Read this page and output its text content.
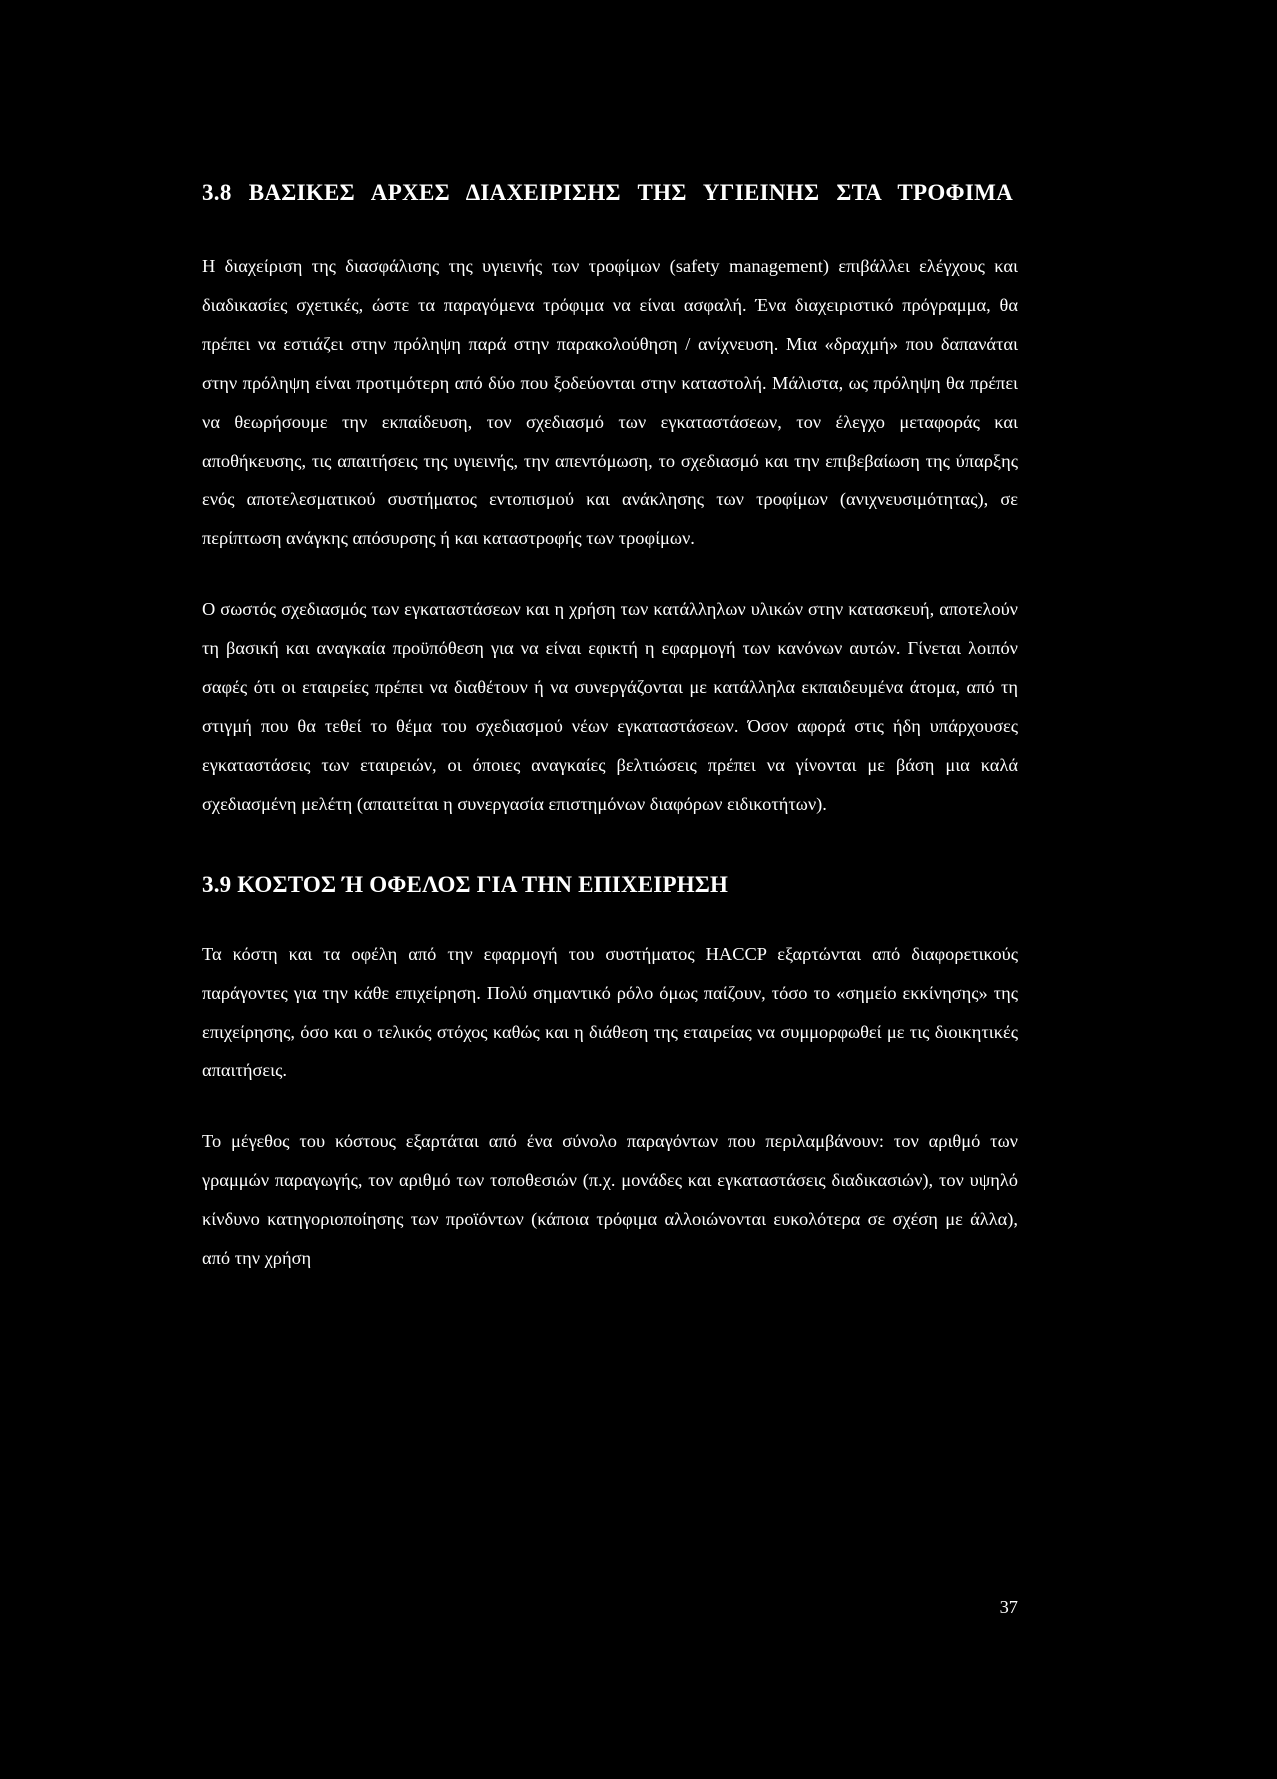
3.8 ΒΑΣΙΚΕΣ ΑΡΧΕΣ ΔΙΑΧΕΙΡΙΣΗΣ ΤΗΣ ΥΓΙΕΙΝΗΣ ΣΤΑ ΤΡΟΦΙΜΑ

Η διαχείριση της διασφάλισης της υγιεινής των τροφίμων (safety management) επιβάλλει ελέγχους και διαδικασίες σχετικές, ώστε τα παραγόμενα τρόφιμα να είναι ασφαλή. Ένα διαχειριστικό πρόγραμμα, θα πρέπει να εστιάζει στην πρόληψη παρά στην παρακολούθηση / ανίχνευση. Μια «δραχμή» που δαπανάται στην πρόληψη είναι προτιμότερη από δύο που ξοδεύονται στην καταστολή. Μάλιστα, ως πρόληψη θα πρέπει να θεωρήσουμε την εκπαίδευση, τον σχεδιασμό των εγκαταστάσεων, τον έλεγχο μεταφοράς και αποθήκευσης, τις απαιτήσεις της υγιεινής, την απεντόμωση, το σχεδιασμό και την επιβεβαίωση της ύπαρξης ενός αποτελεσματικού συστήματος εντοπισμού και ανάκλησης των τροφίμων (ανιχνευσιμότητας), σε περίπτωση ανάγκης απόσυρσης ή και καταστροφής των τροφίμων.

Ο σωστός σχεδιασμός των εγκαταστάσεων και η χρήση των κατάλληλων υλικών στην κατασκευή, αποτελούν τη βασική και αναγκαία προϋπόθεση για να είναι εφικτή η εφαρμογή των κανόνων αυτών. Γίνεται λοιπόν σαφές ότι οι εταιρείες πρέπει να διαθέτουν ή να συνεργάζονται με κατάλληλα εκπαιδευμένα άτομα, από τη στιγμή που θα τεθεί το θέμα του σχεδιασμού νέων εγκαταστάσεων. Όσον αφορά στις ήδη υπάρχουσες εγκαταστάσεις των εταιρειών, οι όποιες αναγκαίες βελτιώσεις πρέπει να γίνονται με βάση μια καλά σχεδιασμένη μελέτη (απαιτείται η συνεργασία επιστημόνων διαφόρων ειδικοτήτων).

3.9 ΚΟΣΤΟΣ Ή ΟΦΕΛΟΣ ΓΙΑ ΤΗΝ ΕΠΙΧΕΙΡΗΣΗ

Τα κόστη και τα οφέλη από την εφαρμογή του συστήματος HACCP εξαρτώνται από διαφορετικούς παράγοντες για την κάθε επιχείρηση. Πολύ σημαντικό ρόλο όμως παίζουν, τόσο το «σημείο εκκίνησης» της επιχείρησης, όσο και ο τελικός στόχος καθώς και η διάθεση της εταιρείας να συμμορφωθεί με τις διοικητικές απαιτήσεις.

Το μέγεθος του κόστους εξαρτάται από ένα σύνολο παραγόντων που περιλαμβάνουν: τον αριθμό των γραμμών παραγωγής, τον αριθμό των τοποθεσιών (π.χ. μονάδες και εγκαταστάσεις διαδικασιών), τον υψηλό κίνδυνο κατηγοριοποίησης των προϊόντων (κάποια τρόφιμα αλλοιώνονται ευκολότερα σε σχέση με άλλα), από την χρήση

37
